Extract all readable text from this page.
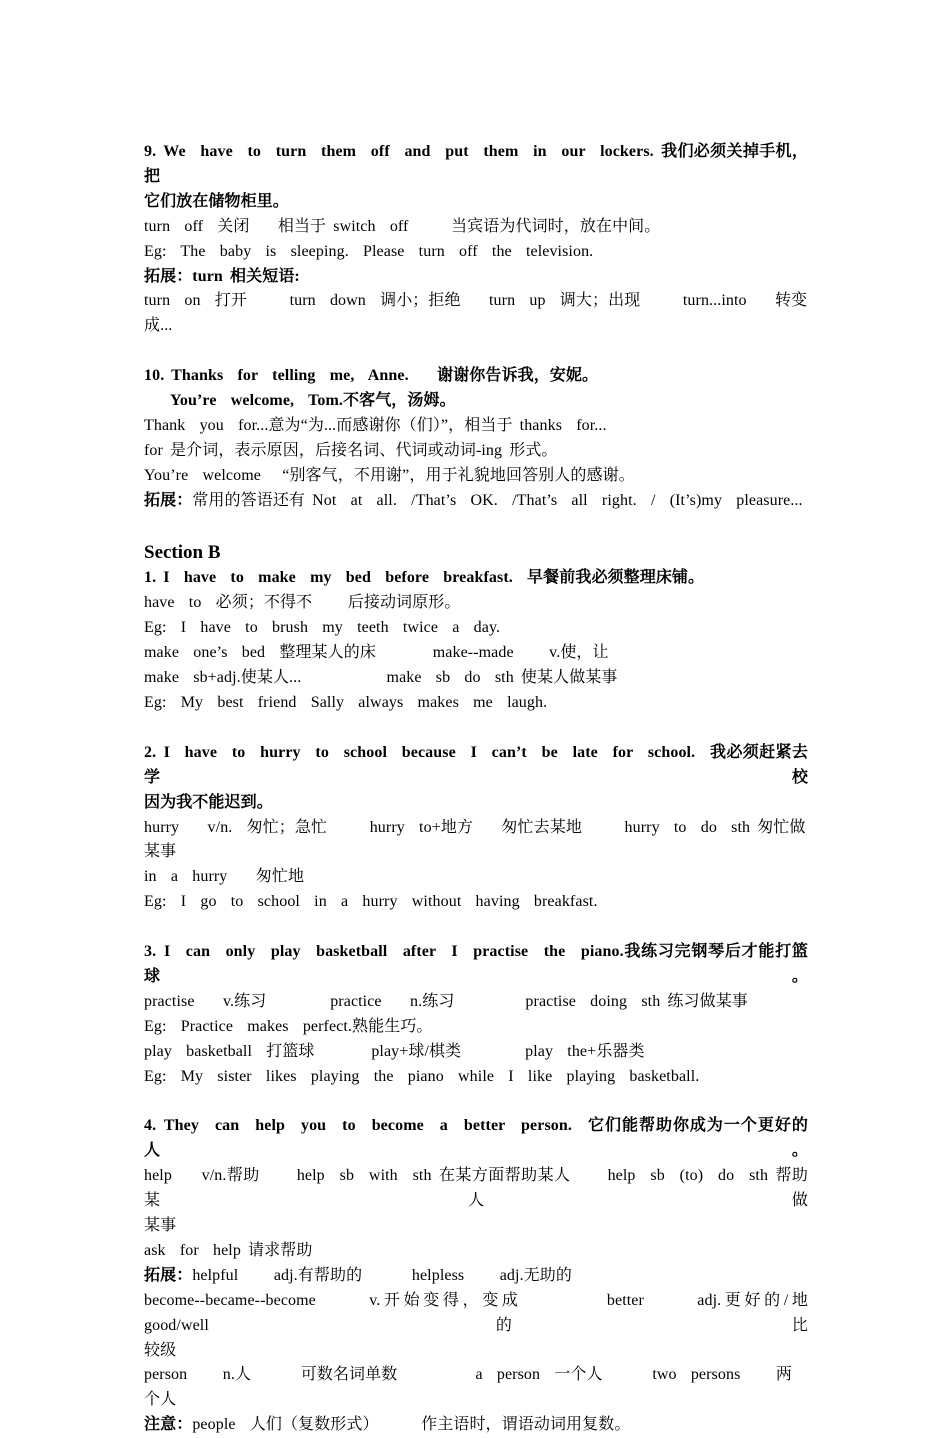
9. We  have  to  turn  them  off  and  put  them  in  our  lockers. 我们必须关掉手机，把
它们放在储物柜里。
turn  off  关闭    相当于 switch  off      当宾语为代词时，放在中间。
Eg:  The  baby  is  sleeping.  Please  turn  off  the  television.
拓展：turn 相关短语:
turn  on  打开      turn  down  调小；拒绝    turn  up  调大；出现      turn...into    转变成...
10. Thanks  for  telling  me,  Anne.    谢谢你告诉我，安妮。
You’re  welcome,  Tom.不客气，汤姆。
Thank  you  for...意为“为...而感谢你（们）”，相当于 thanks  for...
for 是介词，表示原因，后接名词、代词或动词-ing 形式。
You’re  welcome   “别客气，不用谢”，用于礼貌地回答别人的感谢。
拓展：常用的答语还有 Not  at  all.  /That’s  OK.  /That’s  all  right.  /  (It’s)my  pleasure...
Section B
1. I  have  to  make  my  bed  before  breakfast.  早餐前我必须整理床铺。
have  to  必须；不得不     后接动词原形。
Eg:  I  have  to  brush  my  teeth  twice  a  day.
make  one’s  bed  整理某人的床        make--made     v.使，让
make  sb+adj.使某人...            make  sb  do  sth 使某人做某事
Eg:  My  best  friend  Sally  always  makes  me  laugh.
2. I  have  to  hurry  to  school  because  I  can’t  be  late  for  school.  我必须赶紧去学校
因为我不能迟到。
hurry    v/n.  匆忙；急忙      hurry  to+地方    匆忙去某地      hurry  to  do  sth 匆忙做某事
in  a  hurry    匆忙地
Eg:  I  go  to  school  in  a  hurry  without  having  breakfast.
3. I  can  only  play  basketball  after  I  practise  the  piano.我练习完钢琴后才能打篮球。
practise    v.练习         practice    n.练习          practise  doing  sth 练习做某事
Eg:  Practice  makes  perfect.熟能生巧。
play  basketball  打篮球        play+球/棋类         play  the+乐器类
Eg:  My  sister  likes  playing  the  piano  while  I  like  playing  basketball.
4. They  can  help  you  to  become  a  better  person.  它们能帮助你成为一个更好的人。
help    v/n.帮助     help  sb  with  sth 在某方面帮助某人     help  sb  (to)  do  sth 帮助某人做
某事
ask  for  help 请求帮助
拓展：helpful     adj.有帮助的       helpless     adj.无助的
become--became--become     v.开始变得，变成        better     adj.更好的/地       good/well 的比
较级
person     n.人       可数名词单数           a  person  一个人       two  persons     两个人
注意：people  人们（复数形式）      作主语时，谓语动词用复数。
